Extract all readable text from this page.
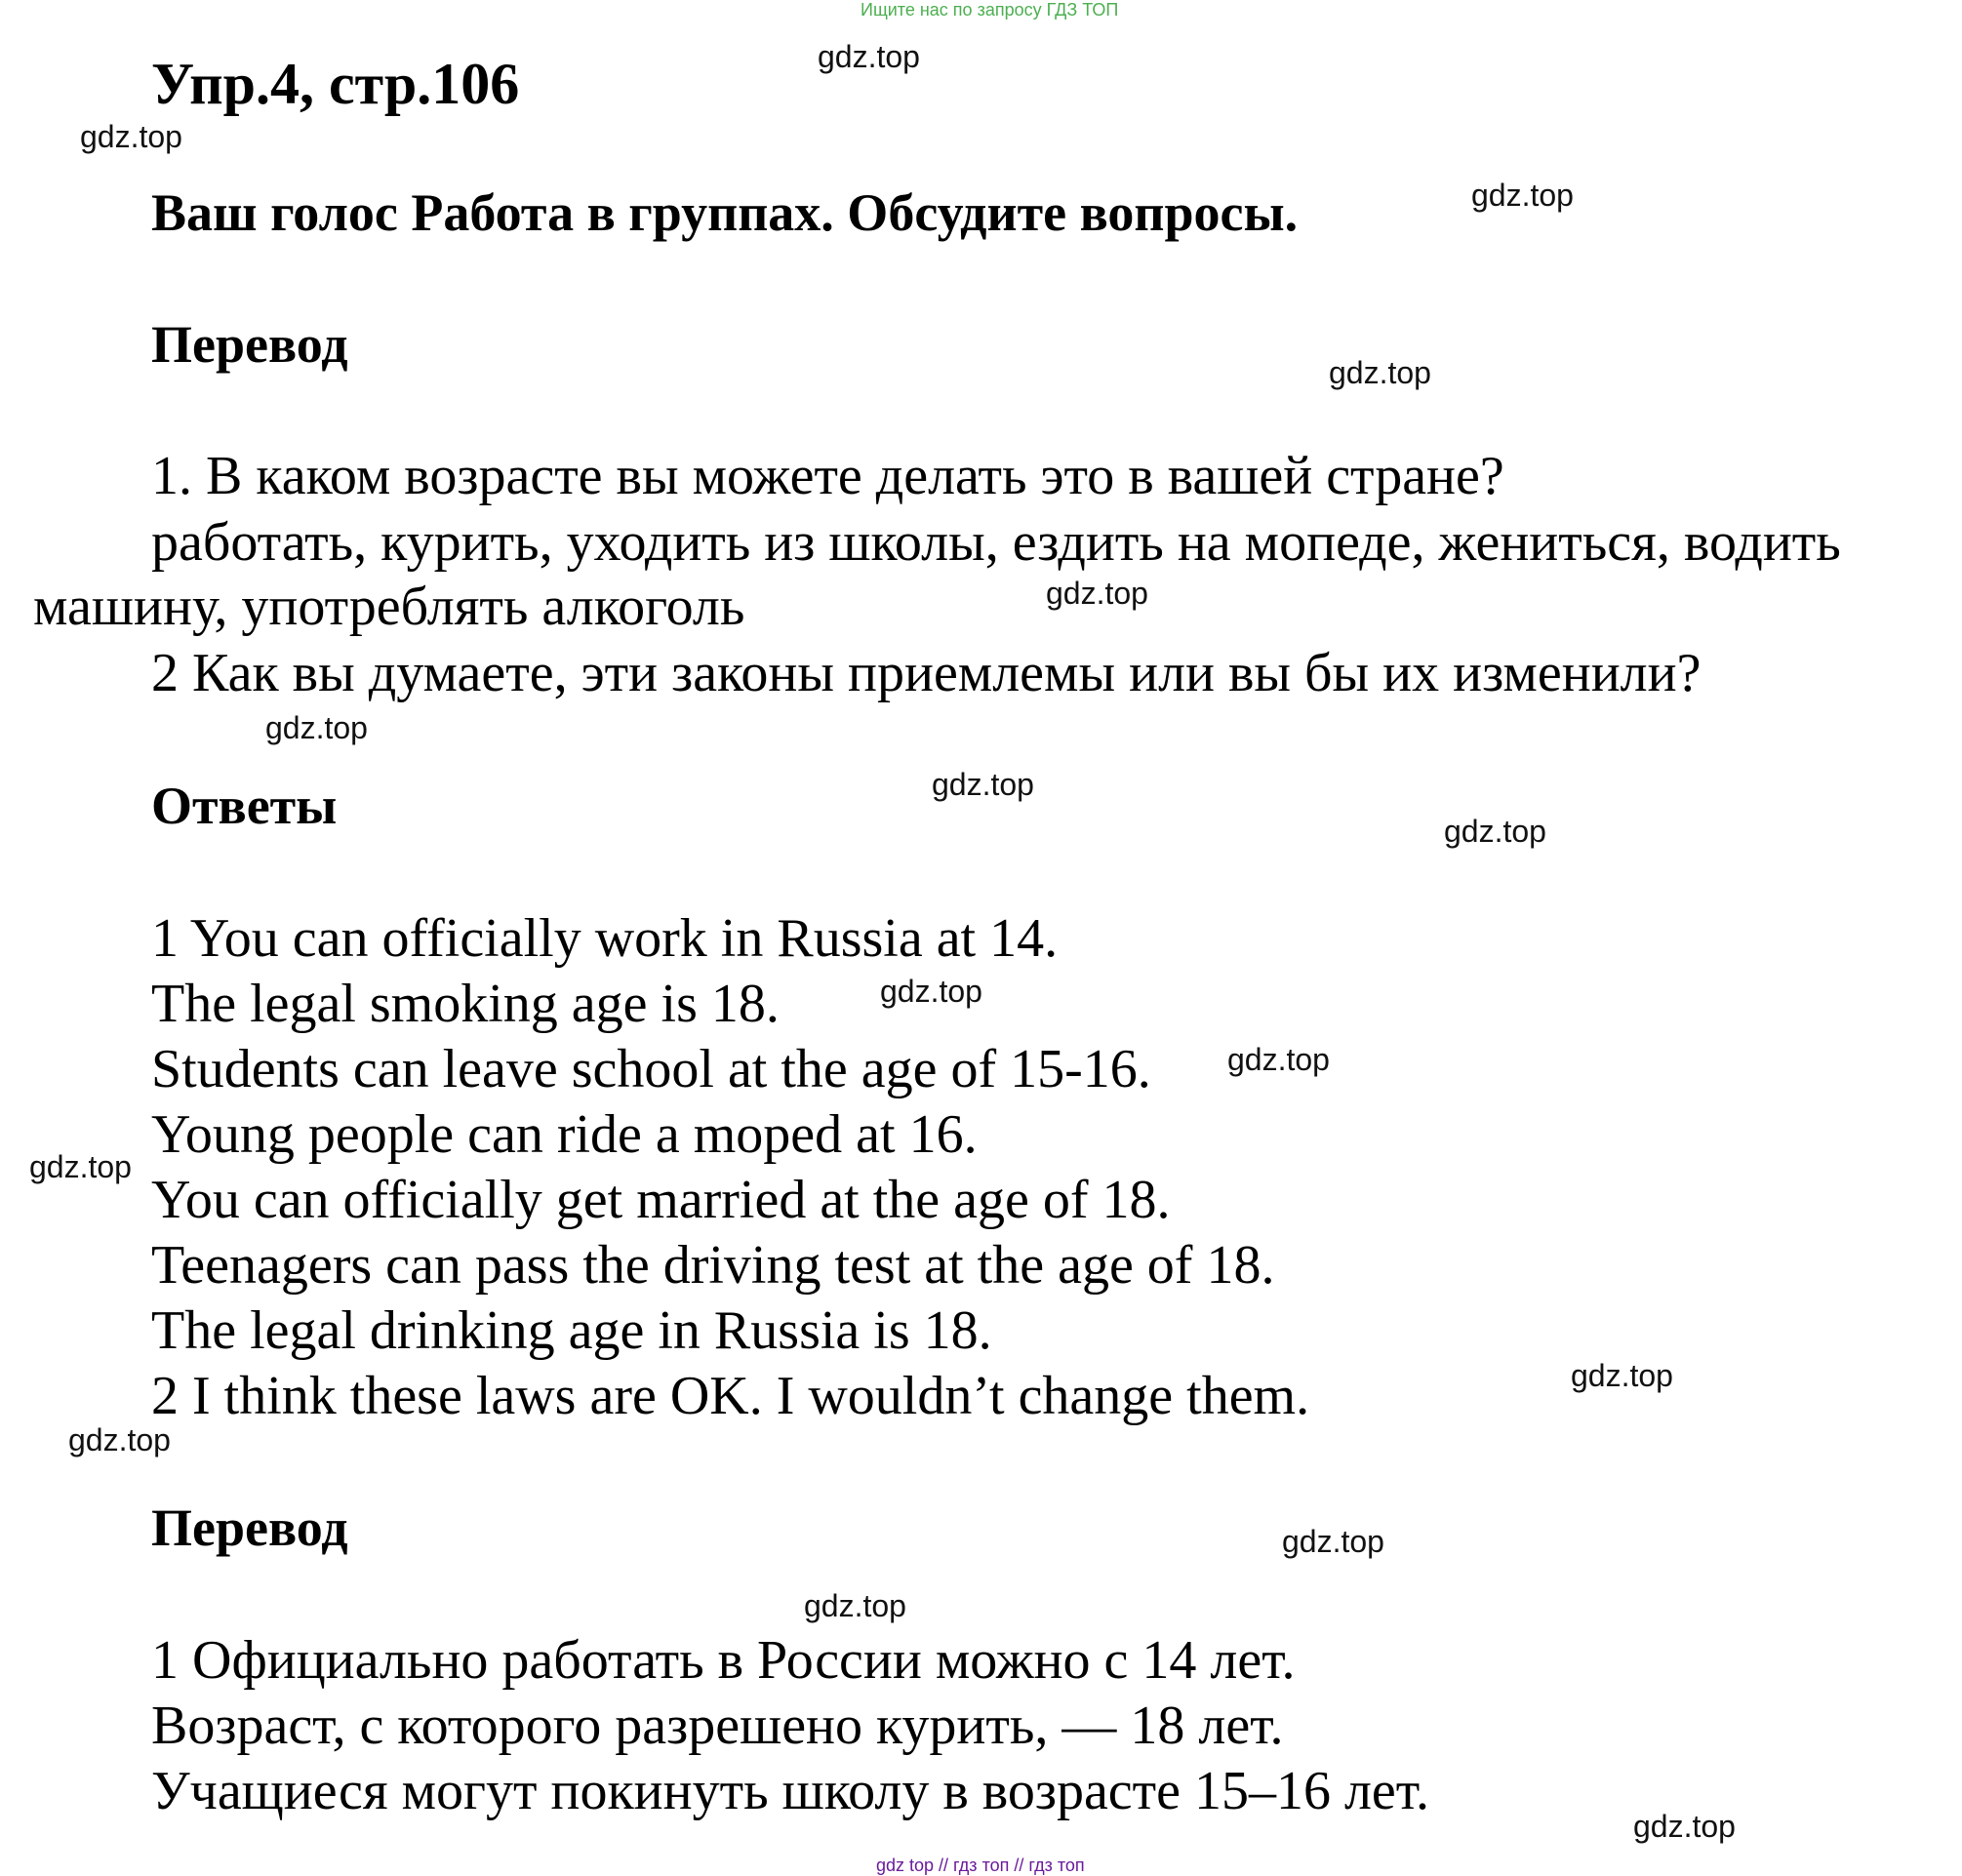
Ищите нас по запросу ГДЗ ТОП
Упр.4, стр.106
Ваш голос Работа в группах. Обсудите вопросы.
Перевод
1. В каком возрасте вы можете делать это в вашей стране?
работать, курить, уходить из школы, ездить на мопеде, жениться, водить
машину, употреблять алкоголь
2 Как вы думаете, эти законы приемлемы или вы бы их изменили?
Ответы
1 You can officially work in Russia at 14.
The legal smoking age is 18.
Students can leave school at the age of 15-16.
Young people can ride a moped at 16.
You can officially get married at the age of 18.
Teenagers can pass the driving test at the age of 18.
The legal drinking age in Russia is 18.
2 I think these laws are OK. I wouldn’t change them.
Перевод
1 Официально работать в России можно с 14 лет.
Возраст, с которого разрешено курить, — 18 лет.
Учащиеся могут покинуть школу в возрасте 15–16 лет.
gdz.top
gdz.top
gdz.top
gdz.top
gdz.top
gdz.top
gdz.top
gdz.top
gdz.top
gdz.top
gdz.top
gdz.top
gdz.top
gdz.top
gdz.top
gdz.top
gdz top // гдз топ // гдз топ
